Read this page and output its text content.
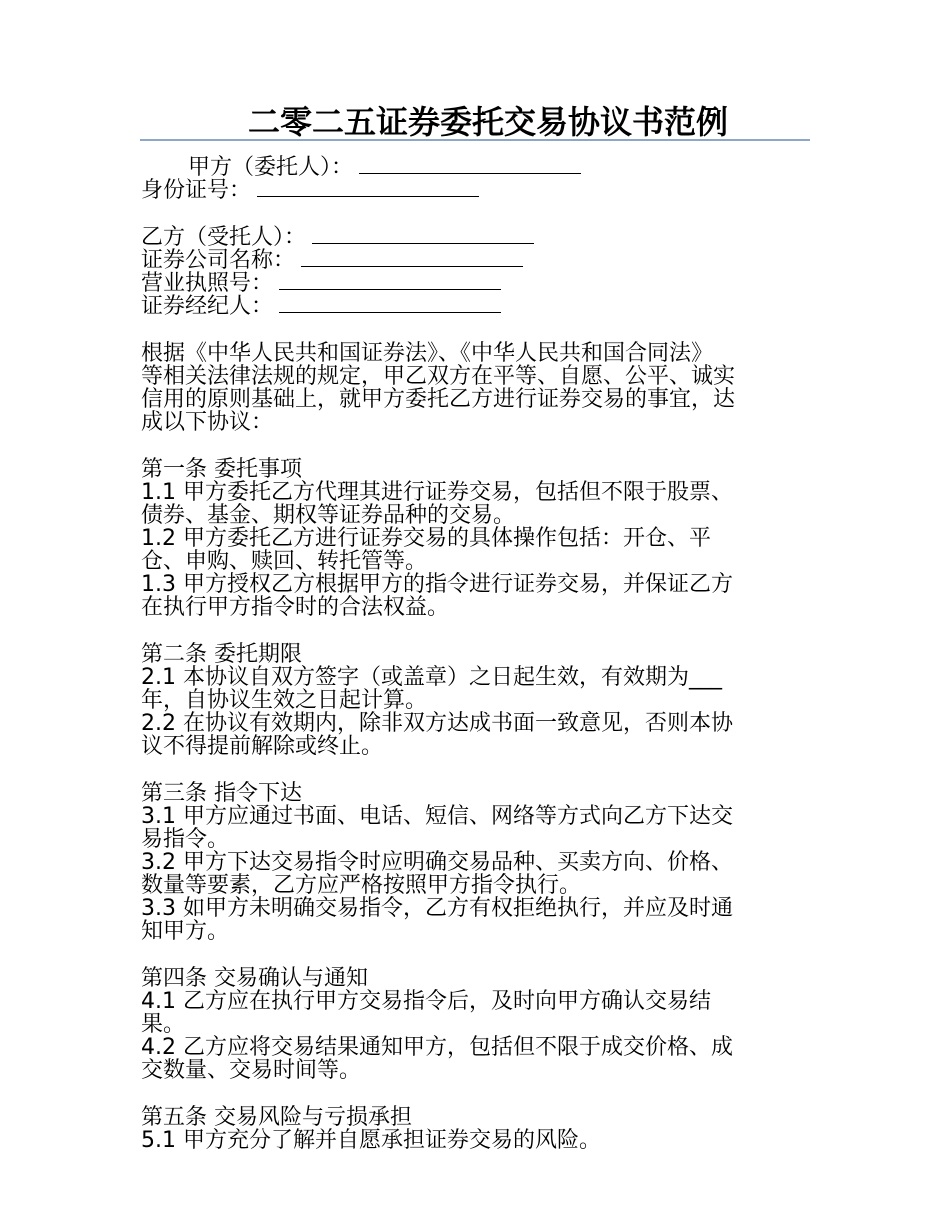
二零二五证券委托交易协议书范例
甲方（委托人）：
身份证号：
乙方（受托人）：
证券公司名称：
营业执照号：
证券经纪人：
根据《中华人民共和国证券法》、《中华人民共和国合同法》
等相关法律法规的规定，甲乙双方在平等、自愿、公平、诚实
信用的原则基础上，就甲方委托乙方进行证券交易的事宜，达
成以下协议：
第一条 委托事项
1.1 甲方委托乙方代理其进行证券交易，包括但不限于股票、
债券、基金、期权等证券品种的交易。
1.2 甲方委托乙方进行证券交易的具体操作包括：开仓、平
仓、申购、赎回、转托管等。
1.3 甲方授权乙方根据甲方的指令进行证券交易，并保证乙方
在执行甲方指令时的合法权益。
第二条 委托期限
2.1 本协议自双方签字（或盖章）之日起生效，有效期为___
年，自协议生效之日起计算。
2.2 在协议有效期内，除非双方达成书面一致意见，否则本协
议不得提前解除或终止。
第三条 指令下达
3.1 甲方应通过书面、电话、短信、网络等方式向乙方下达交
易指令。
3.2 甲方下达交易指令时应明确交易品种、买卖方向、价格、
数量等要素，乙方应严格按照甲方指令执行。
3.3 如甲方未明确交易指令，乙方有权拒绝执行，并应及时通
知甲方。
第四条 交易确认与通知
4.1 乙方应在执行甲方交易指令后，及时向甲方确认交易结
果。
4.2 乙方应将交易结果通知甲方，包括但不限于成交价格、成
交数量、交易时间等。
第五条 交易风险与亏损承担
5.1 甲方充分了解并自愿承担证券交易的风险。
